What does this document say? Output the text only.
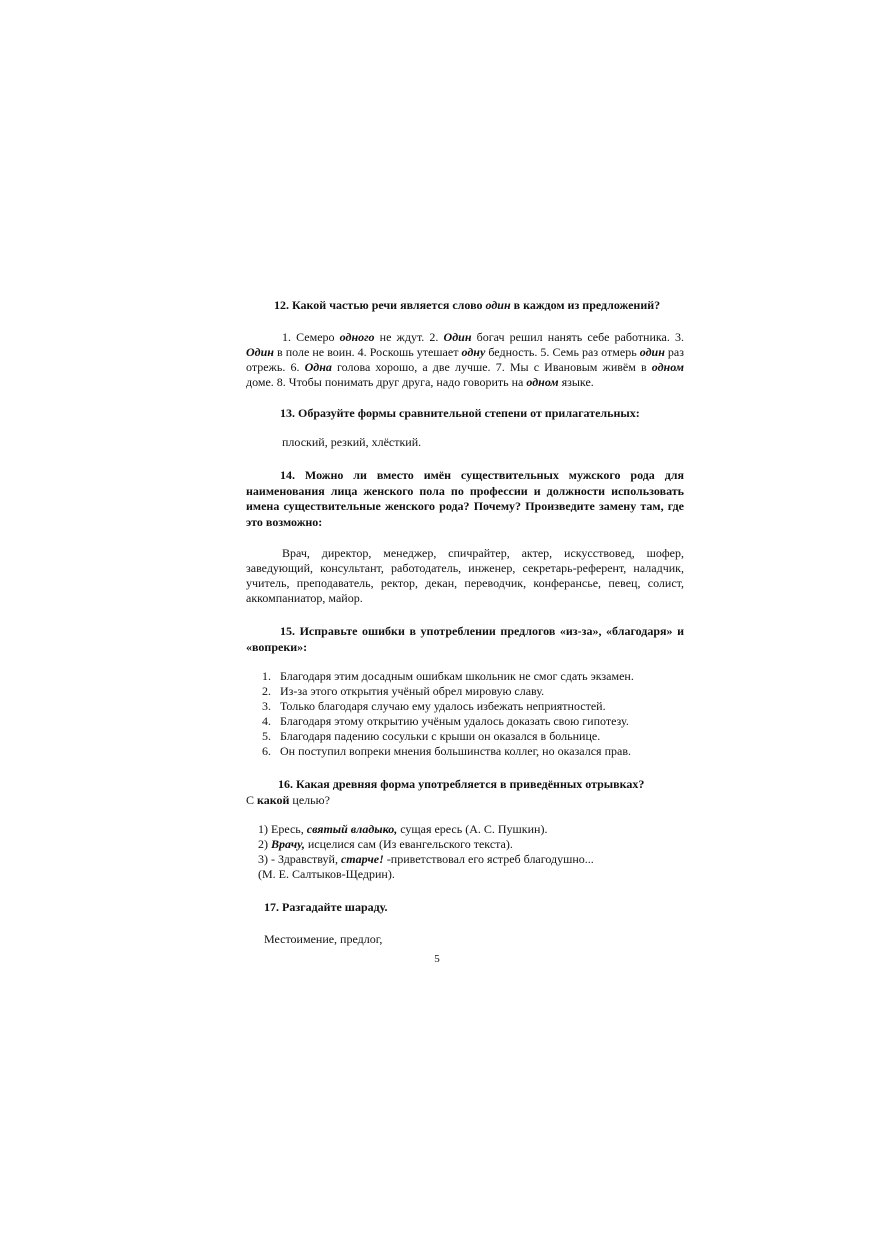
12. Какой частью речи является слово один в каждом из предложений?

1. Семеро одного не ждут. 2. Один богач решил нанять себе работника. 3. Один в поле не воин. 4. Роскошь утешает одну бедность. 5. Семь раз отмерь один раз отрежь. 6. Одна голова хорошо, а две лучше. 7. Мы с Ивановым живём в одном доме. 8. Чтобы понимать друг друга, надо говорить на одном языке.

13. Образуйте формы сравнительной степени от прилагательных:

плоский, резкий, хлёсткий.

14. Можно ли вместо имён существительных мужского рода для наименования лица женского пола по профессии и должности использовать имена существительные женского рода? Почему? Произведите замену там, где это возможно:

Врач, директор, менеджер, спичрайтер, актер, искусствовед, шофер, заведующий, консультант, работодатель, инженер, секретарь-референт, наладчик, учитель, преподаватель, ректор, декан, переводчик, конферансье, певец, солист, аккомпаниатор, майор.

15. Исправьте ошибки в употреблении предлогов «из-за», «благодаря» и «вопреки»:

1. Благодаря этим досадным ошибкам школьник не смог сдать экзамен.
2. Из-за этого открытия учёный обрел мировую славу.
3. Только благодаря случаю ему удалось избежать неприятностей.
4. Благодаря этому открытию учёным удалось доказать свою гипотезу.
5. Благодаря падению сосульки с крыши он оказался в больнице.
6. Он поступил вопреки мнения большинства коллег, но оказался прав.

16. Какая древняя форма употребляется в приведённых отрывках?
С какой целью?

1) Ересь, святый владыко, сущая ересь (А. С. Пушкин).
2) Врачу, исцелися сам (Из евангельского текста).
3) - Здравствуй, старче! -приветствовал его ястреб благодушно...
(М. Е. Салтыков-Щедрин).

17. Разгадайте шараду.

Местоимение, предлог,

5
